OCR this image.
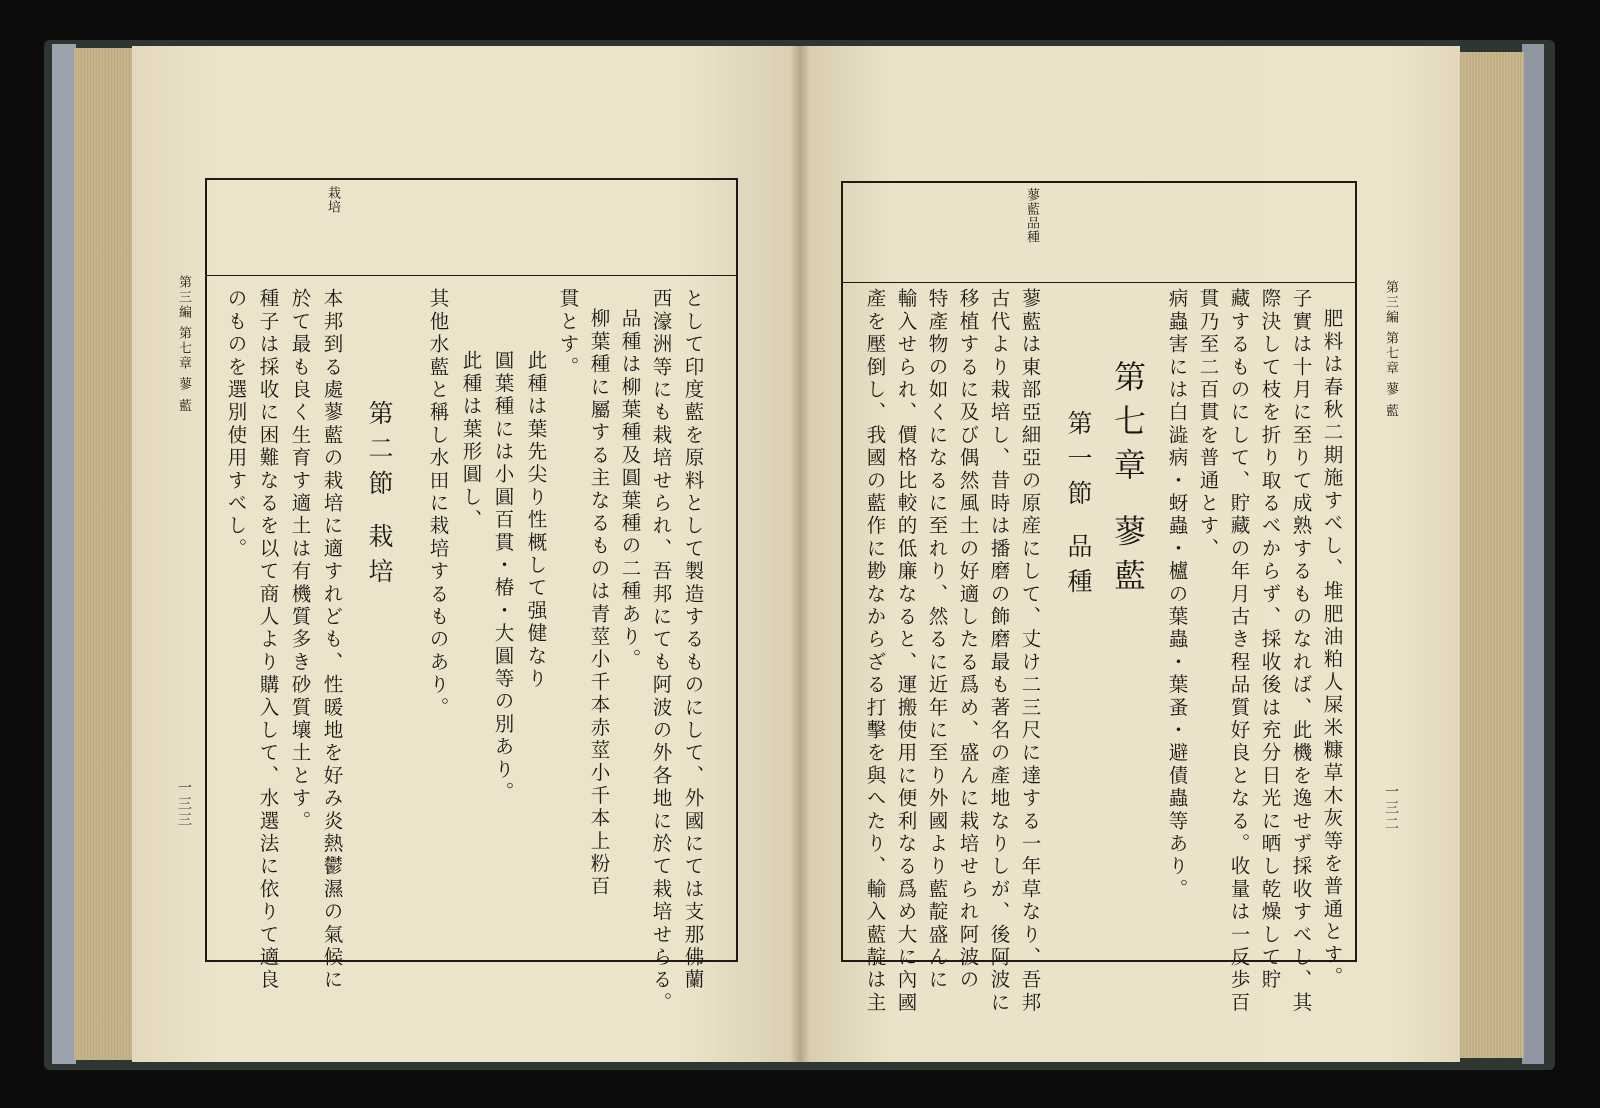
栽培
第三編 第七章 蓼 藍
一三三	として印度藍を原料として製造するものにして、外國にては支那佛蘭
西濠洲等にも栽培せられ、吾邦にても阿波の外各地に於て栽培せらる。
品種は柳葉種及圓葉種の二種あり。
柳葉種に屬する主なるものは青莖小千本赤莖小千本上粉百
貫とす。
此種は葉先尖り性概して强健なり
圓葉種には小圓百貫・椿・大圓等の別あり。
此種は葉形圓し、
其他水藍と稱し水田に栽培するものあり。
第二節 栽培
本邦到る處蓼藍の栽培に適すれども、性暖地を好み炎熱鬱濕の氣候に
於て最も良く生育す適土は有機質多き砂質壤土とす。
種子は採收に困難なるを以て商人より購入して、水選法に依りて適良
のものを選別使用すべし。
蓼藍品種
第三編 第七章 蓼 藍
一三二
肥料は春秋二期施すべし、堆肥油粕人屎米糠草木灰等を普通とす。
子實は十月に至りて成熟するものなれば、此機を逸せず採收すべし、其
際決して枝を折り取るべからず、採收後は充分日光に晒し乾燥して貯
藏するものにして、貯藏の年月古き程品質好良となる。收量は一反歩百
貫乃至二百貫を普通とす、
病蟲害には白澁病・蚜蟲・櫨の葉蟲・葉蚤・避債蟲等あり。
第七章 蓼藍
第一節 品種
蓼藍は東部亞細亞の原産にして、丈け二三尺に達する一年草なり、吾邦
古代より栽培し、昔時は播磨の飾磨最も著名の產地なりしが、後阿波に
移植するに及び偶然風土の好適したる爲め、盛んに栽培せられ阿波の
特產物の如くになるに至れり、然るに近年に至り外國より藍靛盛んに
輸入せられ、價格比較的低廉なると、運搬使用に便利なる爲め大に內國
產を壓倒し、我國の藍作に尠なからざる打擊を與へたり、輸入藍靛は主
